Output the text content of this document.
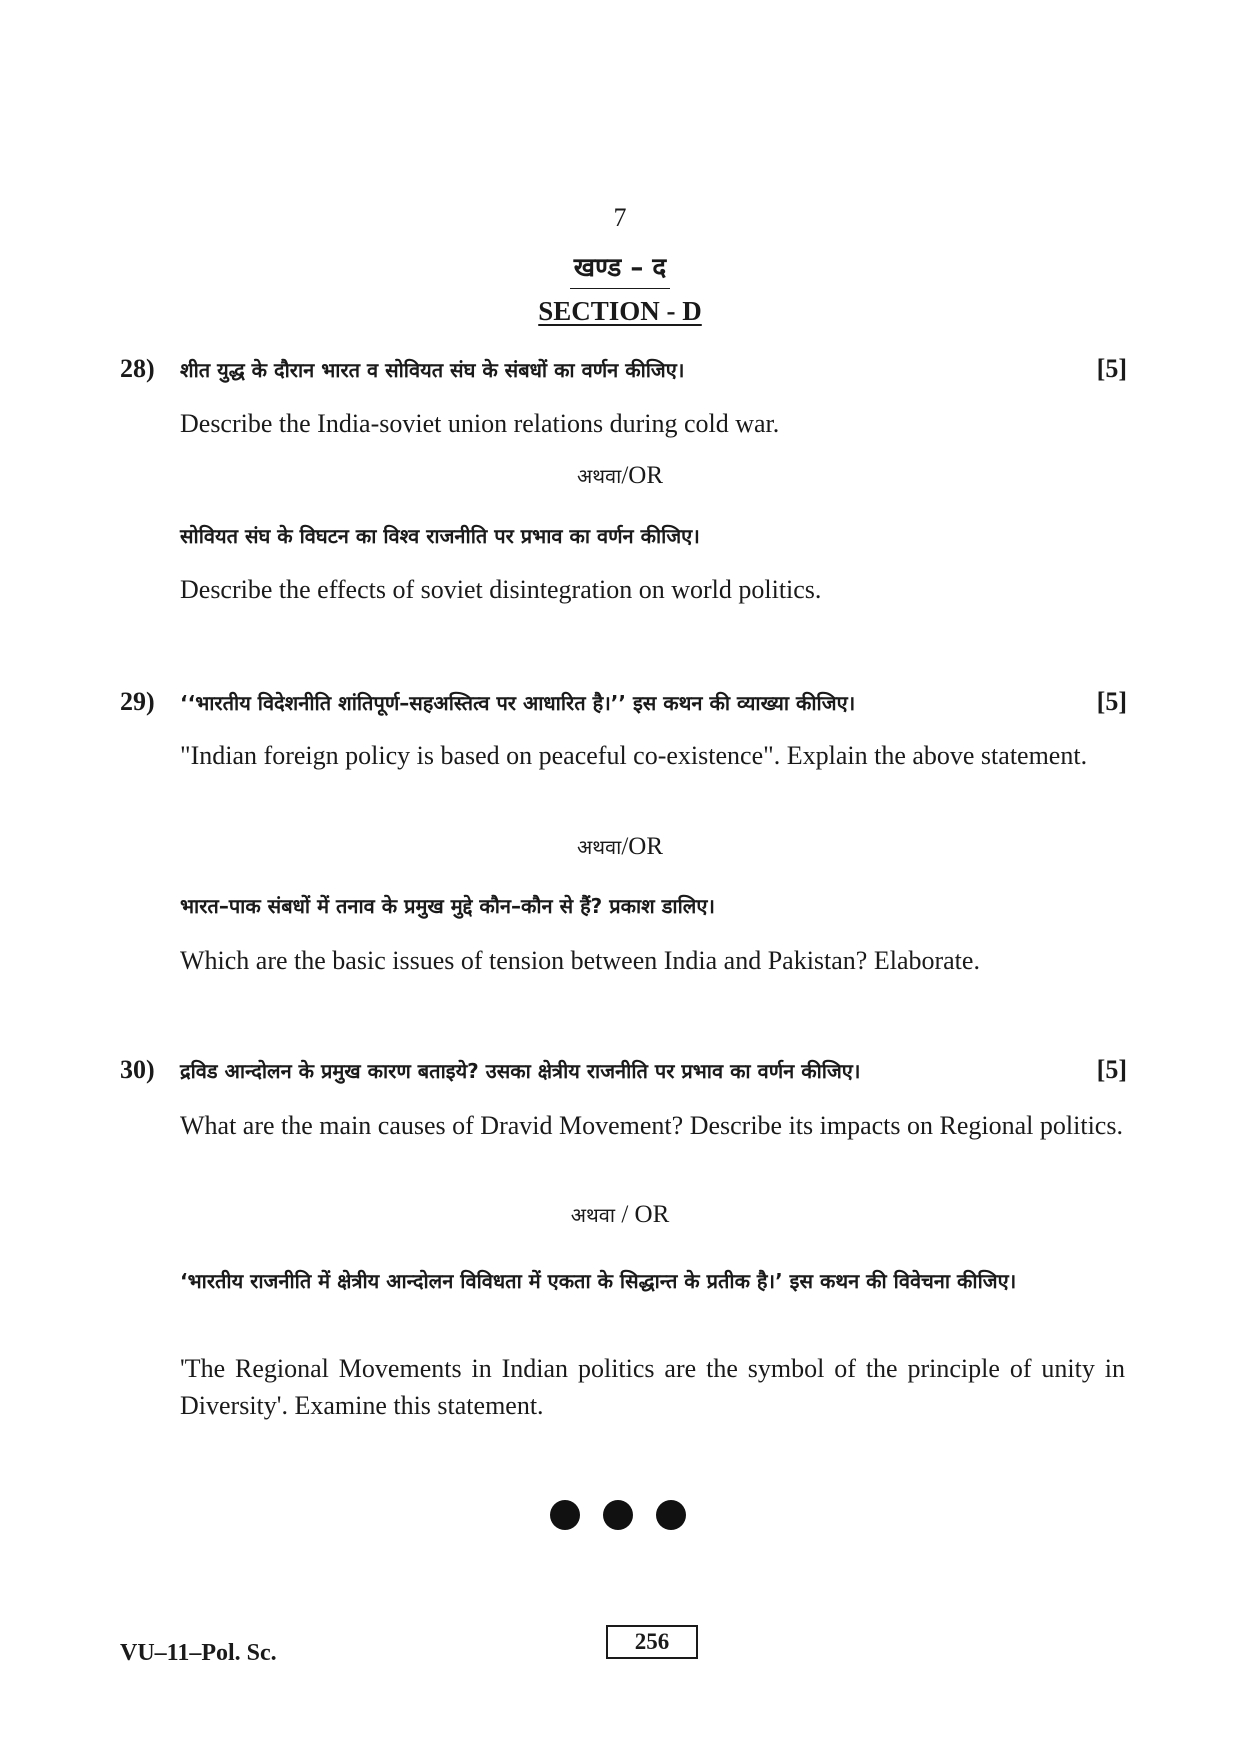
7
खण्ड – द
SECTION - D
28) शीत युद्ध के दौरान भारत व सोवियत संघ के संबधों का वर्णन कीजिए।	[5]
Describe the India-soviet union relations during cold war.
अथवा/OR
सोवियत संघ के विघटन का विश्व राजनीति पर प्रभाव का वर्णन कीजिए।
Describe the effects of soviet disintegration on world politics.
29) ‘‘भारतीय विदेशनीति शांतिपूर्ण–सहअस्तित्व पर आधारित है।’’ इस कथन की व्याख्या कीजिए।	[5]
"Indian foreign policy is based on peaceful co-existence". Explain the above statement.
अथवा/OR
भारत–पाक संबधों में तनाव के प्रमुख मुद्दे कौन–कौन से हैं? प्रकाश डालिए।
Which are the basic issues of tension between India and Pakistan? Elaborate.
30) द्रविड आन्दोलन के प्रमुख कारण बताइये? उसका क्षेत्रीय राजनीति पर प्रभाव का वर्णन कीजिए।	[5]
What are the main causes of Dravid Movement? Describe its impacts on Regional politics.
अथवा / OR
‘भारतीय राजनीति में क्षेत्रीय आन्दोलन विविधता में एकता के सिद्धान्त के प्रतीक है।’ इस कथन की विवेचना कीजिए।
'The Regional Movements in Indian politics are the symbol of the principle of unity in Diversity'. Examine this statement.
VU–11–Pol. Sc.	256
